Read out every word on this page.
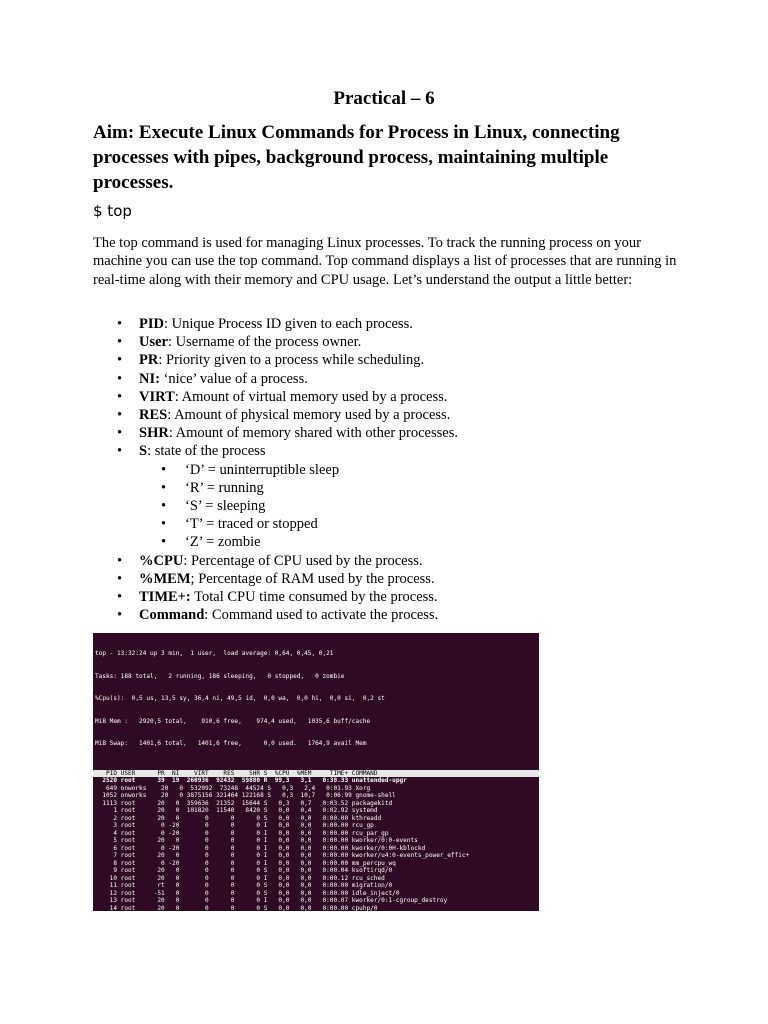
Practical – 6
Aim: Execute Linux Commands for Process in Linux, connecting processes with pipes, background process, maintaining multiple processes.
$ top
The top command is used for managing Linux processes. To track the running process on your machine you can use the top command. Top command displays a list of processes that are running in real-time along with their memory and CPU usage. Let’s understand the output a little better:
• PID: Unique Process ID given to each process.
• User: Username of the process owner.
• PR: Priority given to a process while scheduling.
• NI: ‘nice’ value of a process.
• VIRT: Amount of virtual memory used by a process.
• RES: Amount of physical memory used by a process.
• SHR: Amount of memory shared with other processes.
• S: state of the process
• ‘D’ = uninterruptible sleep
• ‘R’ = running
• ‘S’ = sleeping
• ‘T’ = traced or stopped
• ‘Z’ = zombie
• %CPU: Percentage of CPU used by the process.
• %MEM; Percentage of RAM used by the process.
• TIME+: Total CPU time consumed by the process.
• Command: Command used to activate the process.

top - 13:32:24 up 3 min,  1 user,  load average: 0,64, 0,45, 0,21

Tasks: 188 total,   2 running, 186 sleeping,   0 stopped,   0 zombie

%Cpu(s):  0,5 us, 13,5 sy, 36,4 ni, 49,5 id,  0,0 wa,  0,0 hi,  0,0 si,  0,2 st

MiB Mem :   2920,5 total,    910,6 free,    974,4 used,   1035,6 buff/cache

MiB Swap:   1401,6 total,   1401,6 free,      0,0 used.   1764,9 avail Mem

PID USER      PR  NI    VIRT    RES    SHR S  %CPU  %MEM     TIME+ COMMAND
2520 root      39  19  260936  92432  59880 R  99,3   3,1   0:38.33 unattended-upgr
649 onworks    20   0  532092  73248  44524 S   0,3   2,4   0:01.93 Xorg
1052 onworks    20   0 3875156 321464 122168 S   0,3  10,7   0:06.99 gnome-shell
1113 root      20   0  359636  21352  15644 S   0,3   0,7   0:03.52 packagekitd
1 root      20   0  101820  11540   8420 S   0,0   0,4   0:02.92 systemd
2 root      20   0       0      0      0 S   0,0   0,0   0:00.00 kthreadd
3 root       0 -20       0      0      0 I   0,0   0,0   0:00.00 rcu_gp
4 root       0 -20       0      0      0 I   0,0   0,0   0:00.00 rcu_par_gp
5 root      20   0       0      0      0 I   0,0   0,0   0:00.00 kworker/0:0-events
6 root       0 -20       0      0      0 I   0,0   0,0   0:00.00 kworker/0:0H-kblockd
7 root      20   0       0      0      0 I   0,0   0,0   0:00.00 kworker/u4:0-events_power_effic+
8 root       0 -20       0      0      0 I   0,0   0,0   0:00.00 mm_percpu_wq
9 root      20   0       0      0      0 S   0,0   0,0   0:00.04 ksoftirqd/0
10 root      20   0       0      0      0 I   0,0   0,0   0:00.12 rcu_sched
11 root      rt   0       0      0      0 S   0,0   0,0   0:00.00 migration/0
12 root     -51   0       0      0      0 S   0,0   0,0   0:00.00 idle_inject/0
13 root      20   0       0      0      0 I   0,0   0,0   0:00.07 kworker/0:1-cgroup_destroy
14 root      20   0       0      0      0 S   0,0   0,0   0:00.00 cpuhp/0
15 root      20   0       0      0      0 S   0,0   0,0   0:00.00 cpuhp/1
16 root     -51   0       0      0      0 S   0,0   0,0   0:00.00 idle_inject/1
17 root      rt   0       0      0      0 S   0,0   0,0   0:00.16 migration/1
18 root      20   0       0      0      0 S   0,0   0,0   0:00.04 ksoftirqd/1
19 root      20   0       0      0      0 I   0,0   0,0   0:00.00 kworker/1:0-events
20 root       0 -20       0      0      0 I   0,0   0,0   0:00.00 kworker/1:0H-kblockd
21 root      20   0       0      0      0 S   0,0   0,0   0:00.00 kdevtmpfs
22 root       0 -20       0      0      0 I   0,0   0,0   0:00.00 netns
23 root      20   0       0      0      0 S   0,0   0,0   0:00.00 rcu_tasks_kthre
